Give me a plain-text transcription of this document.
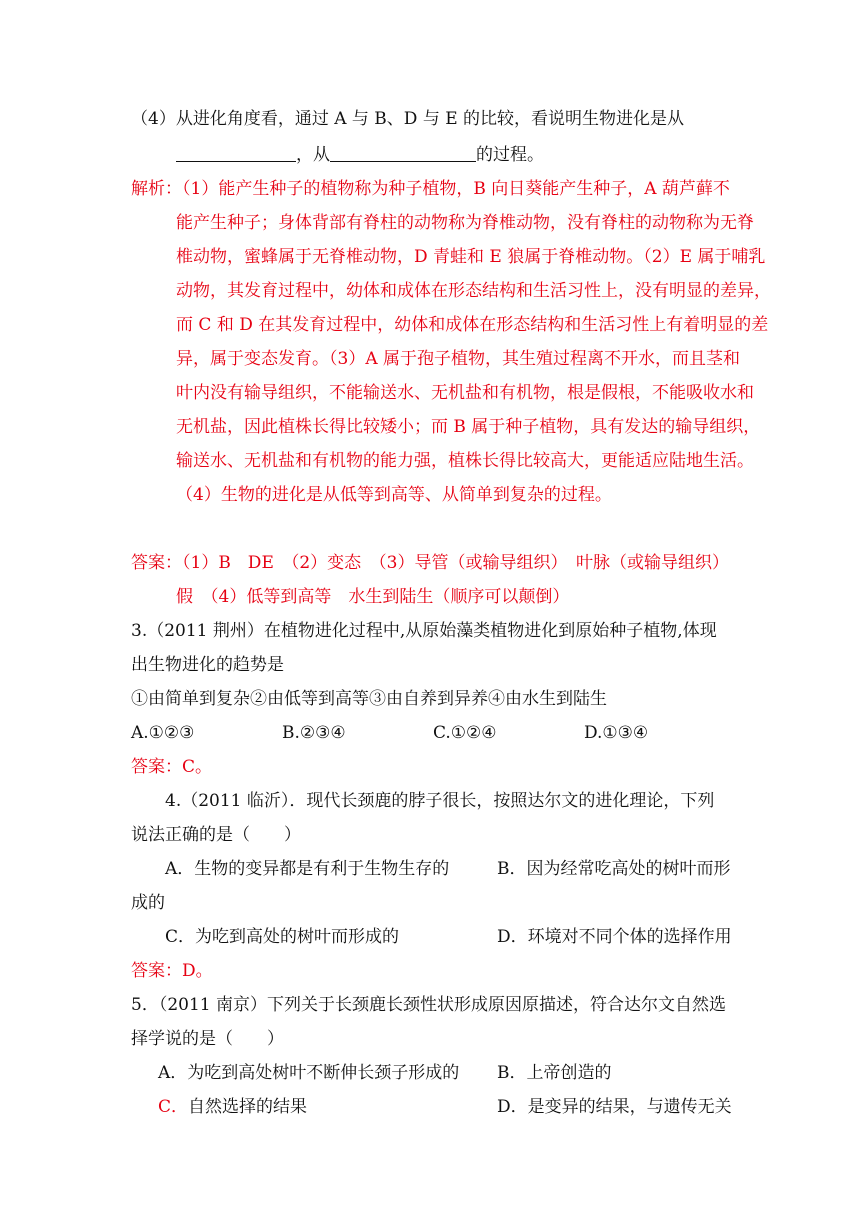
（4）从进化角度看，通过 A 与 B、D 与 E 的比较，看说明生物进化是从
，从	的过程。
解析：（1）能产生种子的植物称为种子植物，B 向日葵能产生种子，A 葫芦藓不
能产生种子；身体背部有脊柱的动物称为脊椎动物，没有脊柱的动物称为无脊
椎动物，蜜蜂属于无脊椎动物，D 青蛙和 E 狼属于脊椎动物。（2）E 属于哺乳
动物，其发育过程中，幼体和成体在形态结构和生活习性上，没有明显的差异，
而 C 和 D 在其发育过程中，幼体和成体在形态结构和生活习性上有着明显的差
异，属于变态发育。（3）A 属于孢子植物，其生殖过程离不开水，而且茎和
叶内没有输导组织，不能输送水、无机盐和有机物，根是假根，不能吸收水和
无机盐，因此植株长得比较矮小；而 B 属于种子植物，具有发达的输导组织，
输送水、无机盐和有机物的能力强，植株长得比较高大，更能适应陆地生活。
（4）生物的进化是从低等到高等、从简单到复杂的过程。
答案：（1）B　DE　（2）变态　（3）导管（或输导组织）　叶脉（或输导组织）
假　（4）低等到高等　水生到陆生（顺序可以颠倒）
3.（2011 荆州）在植物进化过程中,从原始藻类植物进化到原始种子植物,体现
出生物进化的趋势是
①由简单到复杂②由低等到高等③由自养到异养④由水生到陆生
A.①②③	B.②③④	C.①②④	D.①③④
答案：C。
4.（2011 临沂）．现代长颈鹿的脖子很长，按照达尔文的进化理论，下列
说法正确的是（　　）
A．生物的变异都是有利于生物生存的	B．因为经常吃高处的树叶而形
成的
C．为吃到高处的树叶而形成的	D．环境对不同个体的选择作用
答案：D。
5．（2011 南京）下列关于长颈鹿长颈性状形成原因原描述，符合达尔文自然选
择学说的是（　　）
A．为吃到高处树叶不断伸长颈子形成的 B．上帝创造的
C．自然选择的结果	D．是变异的结果，与遗传无关
